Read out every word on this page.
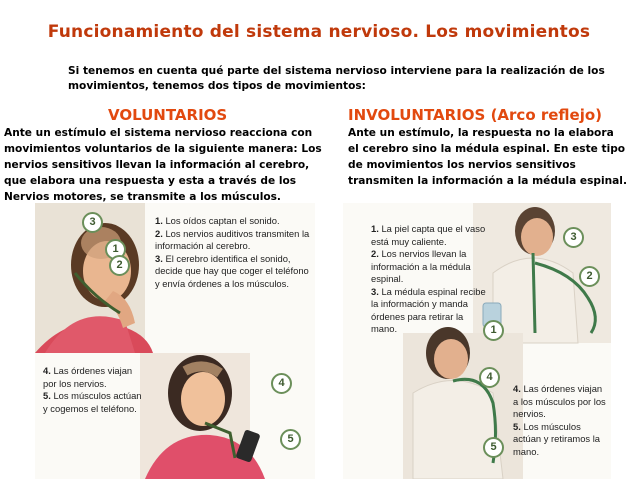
Funcionamiento del sistema nervioso. Los movimientos
Si tenemos en cuenta qué parte del sistema nervioso interviene para la realización de los movimientos, tenemos dos tipos de movimientos:
VOLUNTARIOS	INVOLUNTARIOS (Arco reflejo)
Ante un estímulo el sistema nervioso reacciona con movimientos voluntarios de la siguiente manera: Los nervios sensitivos llevan la información al cerebro, que elabora una respuesta y esta a través de los Nervios motores, se transmite a los músculos.
Ante un estímulo, la respuesta no la elabora el cerebro sino la médula espinal. En este tipo de movimientos los nervios sensitivos transmiten la información a la médula espinal.
3
1
2
4
5
1. Los oídos captan el sonido.
2. Los nervios auditivos transmiten la información al cerebro.
3. El cerebro identifica el sonido, decide que hay que coger el teléfono y envía órdenes a los músculos.
4. Las órdenes viajan por los nervios.
5. Los músculos actúan y cogemos el teléfono.
3
2
1
4
5
1. La piel capta que el vaso está muy caliente.
2. Los nervios llevan la información a la médula espinal.
3. La médula espinal recibe la información y manda órdenes para retirar la mano.
4. Las órdenes viajan a los músculos por los nervios.
5. Los músculos actúan y retiramos la mano.
